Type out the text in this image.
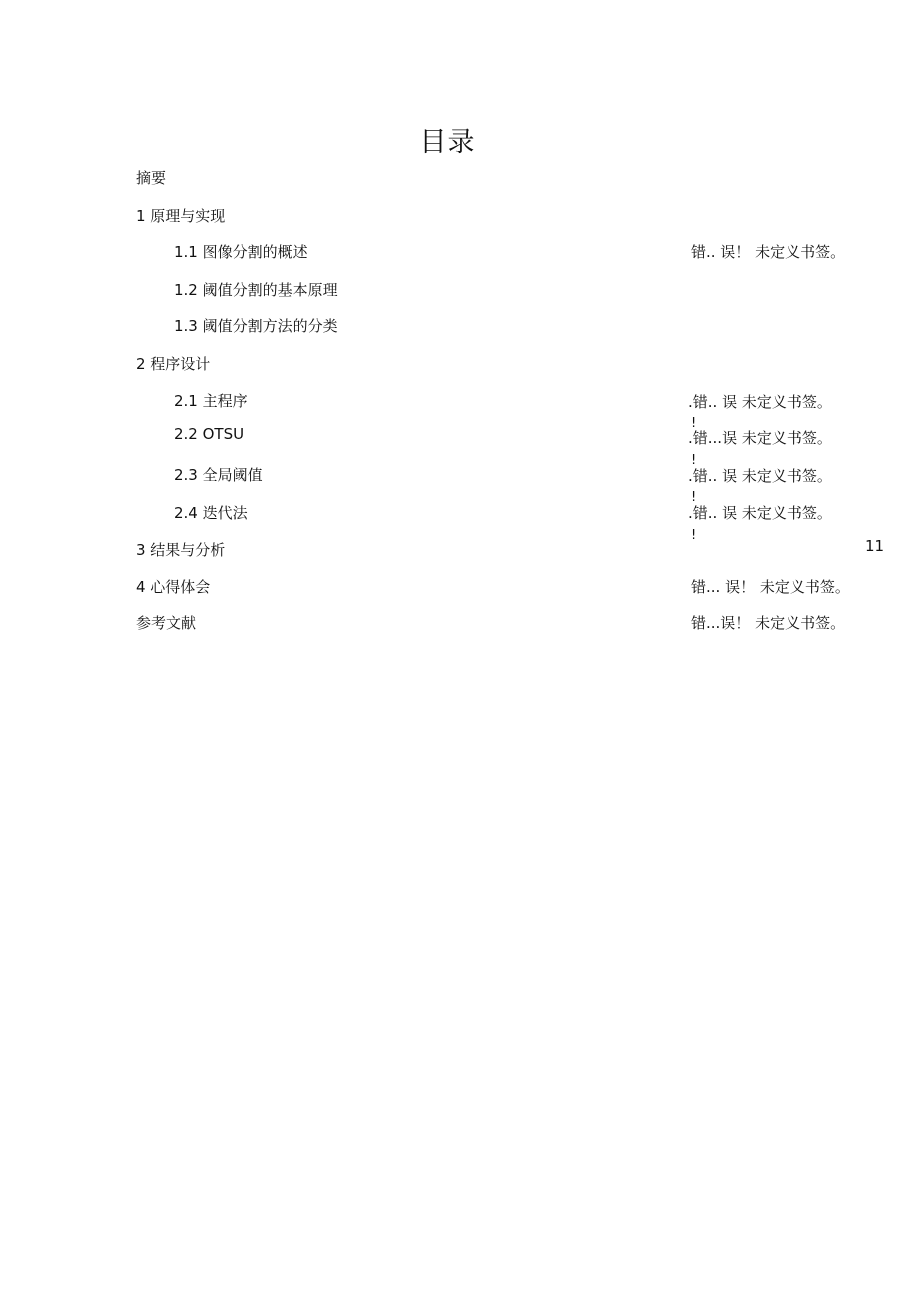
目录
摘要
1 原理与实现
1.1 图像分割的概述
1.2 阈值分割的基本原理
1.3 阈值分割方法的分类
2 程序设计
2.1 主程序
2.2 OTSU
2.3 全局阈值
2.4 迭代法
3 结果与分析
4 心得体会
参考文献
错.. 误！ 未定义书签。
.错.. 误 未定义书签。
.错...误 未定义书签。
.错.. 误 未定义书签。
.错.. 误 未定义书签。
11
错... 误！ 未定义书签。
错...误！ 未定义书签。
!
!
!
!
